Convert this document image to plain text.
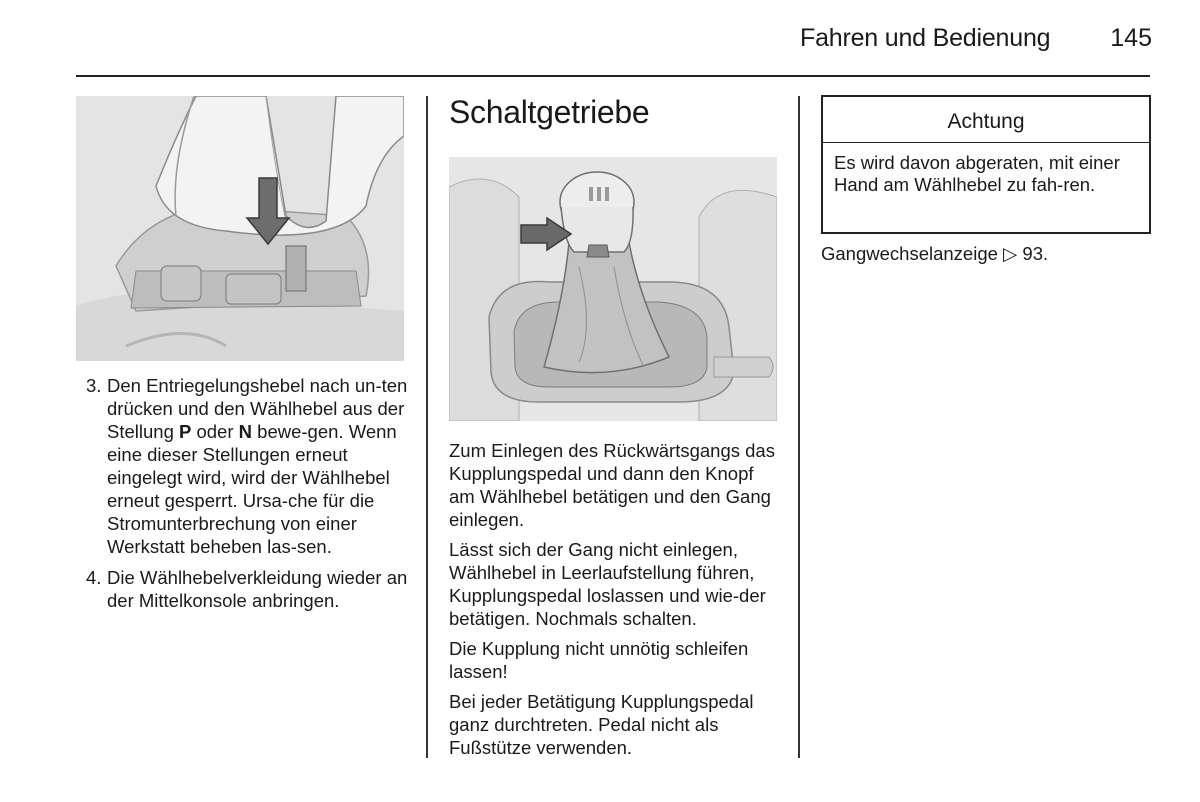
Fahren und Bedienung	145
3. Den Entriegelungshebel nach un-ten drücken und den Wählhebel aus der Stellung P oder N bewe-gen. Wenn eine dieser Stellungen erneut eingelegt wird, wird der Wählhebel erneut gesperrt. Ursa-che für die Stromunterbrechung von einer Werkstatt beheben las-sen.
4. Die Wählhebelverkleidung wieder an der Mittelkonsole anbringen.
Schaltgetriebe

Zum Einlegen des Rückwärtsgangs das Kupplungspedal und dann den Knopf am Wählhebel betätigen und den Gang einlegen.

Lässt sich der Gang nicht einlegen, Wählhebel in Leerlaufstellung führen, Kupplungspedal loslassen und wie-der betätigen. Nochmals schalten.

Die Kupplung nicht unnötig schleifen lassen!

Bei jeder Betätigung Kupplungspedal ganz durchtreten. Pedal nicht als Fußstütze verwenden.

Achtung
Es wird davon abgeraten, mit einer Hand am Wählhebel zu fah-ren.
Gangwechselanzeige ▷ 93.
